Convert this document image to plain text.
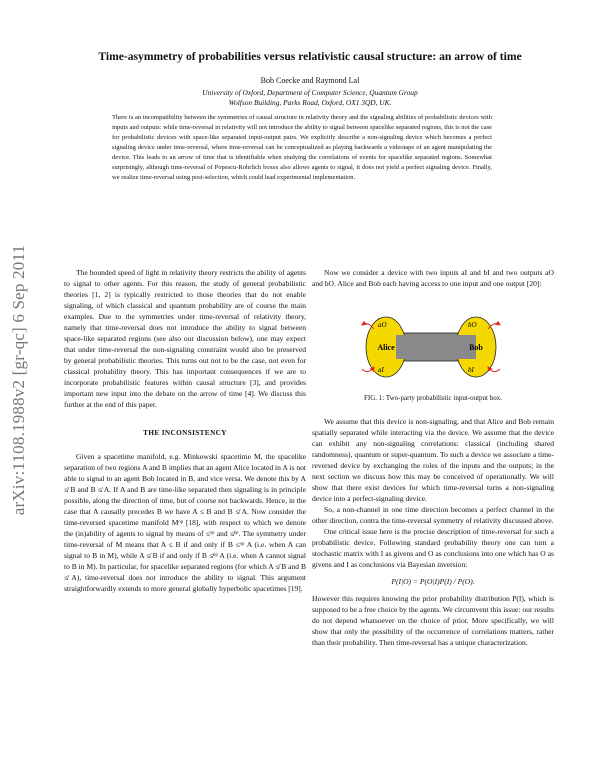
arXiv:1108.1988v2 [gr-qc] 6 Sep 2011
Time-asymmetry of probabilities versus relativistic causal structure: an arrow of time
Bob Coecke and Raymond Lal
University of Oxford, Department of Computer Science, Quantum Group
Wolfson Building, Parks Road, Oxford, OX1 3QD, UK.
There is an incompatibility between the symmetries of causal structure in relativity theory and the signaling abilities of probabilistic devices with inputs and outputs: while time-reversal in relativity will not introduce the ability to signal between spacelike separated regions, this is not the case for probabilistic devices with space-like separated input-output pairs. We explicitly describe a non-signaling device which becomes a perfect signaling device under time-reversal, where time-reversal can be conceptualized as playing backwards a videotape of an agent manipulating the device. This leads to an arrow of time that is identifiable when studying the correlations of events for spacelike separated regions. Somewhat surprisingly, although time-reversal of Popescu-Rohrlich boxes also allows agents to signal, it does not yield a perfect signaling device. Finally, we realize time-reversal using post-selection, which could lead experimental implementation.

The bounded speed of light in relativity theory restricts the ability of agents to signal to other agents. For this reason, the study of general probabilistic theories [1, 2] is typically restricted to those theories that do not enable signaling, of which classical and quantum probability are of course the main examples. Due to the symmetries under time-reversal of relativity theory, namely that time-reversal does not introduce the ability to signal between space-like separated regions (see also our discussion below), one may expect that under time-reversal the non-signaling constraint would also be preserved by general probabilistic theories. This turns out not to be the case, not even for classical probability theory. This has important consequences if we are to incorporate probabilistic features within causal structure [3], and provides important new input into the debate on the arrow of time [4]. We discuss this further at the end of this paper.

THE INCONSISTENCY

Given a spacetime manifold, e.g. Minkowski spacetime M, the spacelike separation of two regions A and B implies that an agent Alice located in A is not able to signal to an agent Bob located in B, and vice versa. We denote this by A ≰ B and B ≰ A. If A and B are time-like separated then signaling is in principle possible, along the direction of time, but of course not backwards. Hence, in the case that A causally precedes B we have A ≤ B and B ≰ A. Now consider the time-reversed spacetime manifold Mᵒᵖ [18], with respect to which we denote the (in)ability of agents to signal by means of ≤ᵒᵖ and ≰ᵒᵖ. The symmetry under time-reversal of M means that A ≤ B if and only if B ≤ᵒᵖ A (i.e. when A can signal to B in M), while A ≰ B if and only if B ≰ᵒᵖ A (i.e. when A cannot signal to B in M). In particular, for spacelike separated regions (for which A ≰ B and B ≰ A), time-reversal does not introduce the ability to signal. This argument straightforwardly extends to more general globally hyperbolic spacetimes [19].

Now we consider a device with two inputs aI and bI and two outputs aO and bO. Alice and Bob each having access to one input and one output [20]:

Alice	Bob
aO
aI
bO
bI
FIG. 1: Two-party probabilistic input-output box.

We assume that this device is non-signaling, and that Alice and Bob remain spatially separated while interacting via the device. We assume that the device can exhibit any non-signaling correlations: classical (including shared randomness), quantum or super-quantum. To such a device we associate a time-reversed device by exchanging the roles of the inputs and the outputs; in the next section we discuss how this may be conceived of operationally. We will show that there exist devices for which time-reversal turns a non-signaling device into a perfect-signaling device.

So, a non-channel in one time direction becomes a perfect channel in the other direction, contra the time-reversal symmetry of relativity discussed above.

One critical issue here is the precise description of time-reversal for such a probabilistic device. Following standard probability theory one can turn a stochastic matrix with I as givens and O as conclusions into one which has O as givens and I as conclusions via Bayesian inversion:

P(I|O) = P(O|I)P(I) / P(O).

However this requires knowing the prior probability distribution P(I), which is supposed to be a free choice by the agents. We circumvent this issue: our results do not depend whatsoever on the choice of prior. More specifically, we will show that only the possibility of the occurrence of correlations matters, rather than their probability. Then time-reversal has a unique characterization.
